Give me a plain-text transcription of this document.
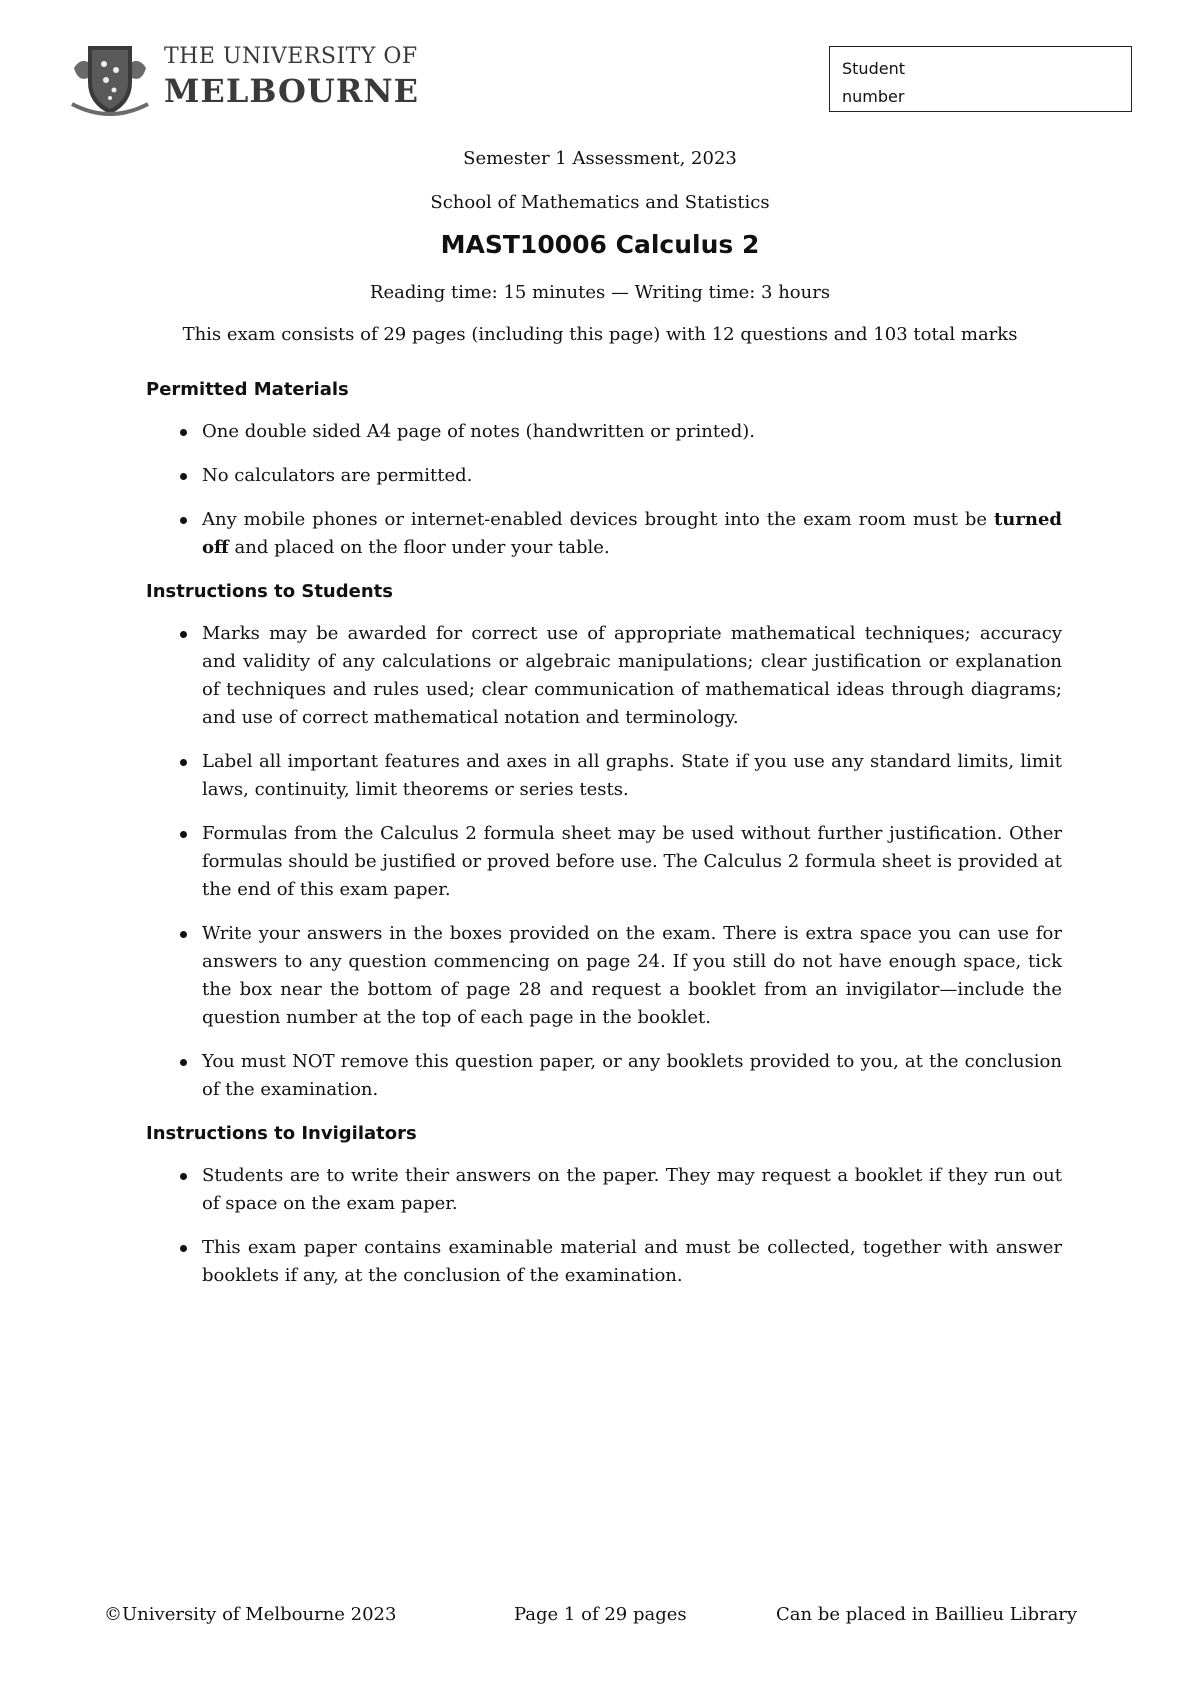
THE UNIVERSITY OF
MELBOURNE
Student
number
Semester 1 Assessment, 2023
School of Mathematics and Statistics
MAST10006 Calculus 2
Reading time: 15 minutes — Writing time: 3 hours
This exam consists of 29 pages (including this page) with 12 questions and 103 total marks
Permitted Materials
One double sided A4 page of notes (handwritten or printed).
No calculators are permitted.
Any mobile phones or internet-enabled devices brought into the exam room must be turned off and placed on the floor under your table.
Instructions to Students
Marks may be awarded for correct use of appropriate mathematical techniques; accuracy and validity of any calculations or algebraic manipulations; clear justification or explanation of techniques and rules used; clear communication of mathematical ideas through diagrams; and use of correct mathematical notation and terminology.
Label all important features and axes in all graphs. State if you use any standard limits, limit laws, continuity, limit theorems or series tests.
Formulas from the Calculus 2 formula sheet may be used without further justification. Other formulas should be justified or proved before use. The Calculus 2 formula sheet is provided at the end of this exam paper.
Write your answers in the boxes provided on the exam. There is extra space you can use for answers to any question commencing on page 24. If you still do not have enough space, tick the box near the bottom of page 28 and request a booklet from an invigilator—include the question number at the top of each page in the booklet.
You must NOT remove this question paper, or any booklets provided to you, at the conclusion of the examination.
Instructions to Invigilators
Students are to write their answers on the paper. They may request a booklet if they run out of space on the exam paper.
This exam paper contains examinable material and must be collected, together with answer booklets if any, at the conclusion of the examination.
©University of Melbourne 2023	Page 1 of 29 pages	Can be placed in Baillieu Library
